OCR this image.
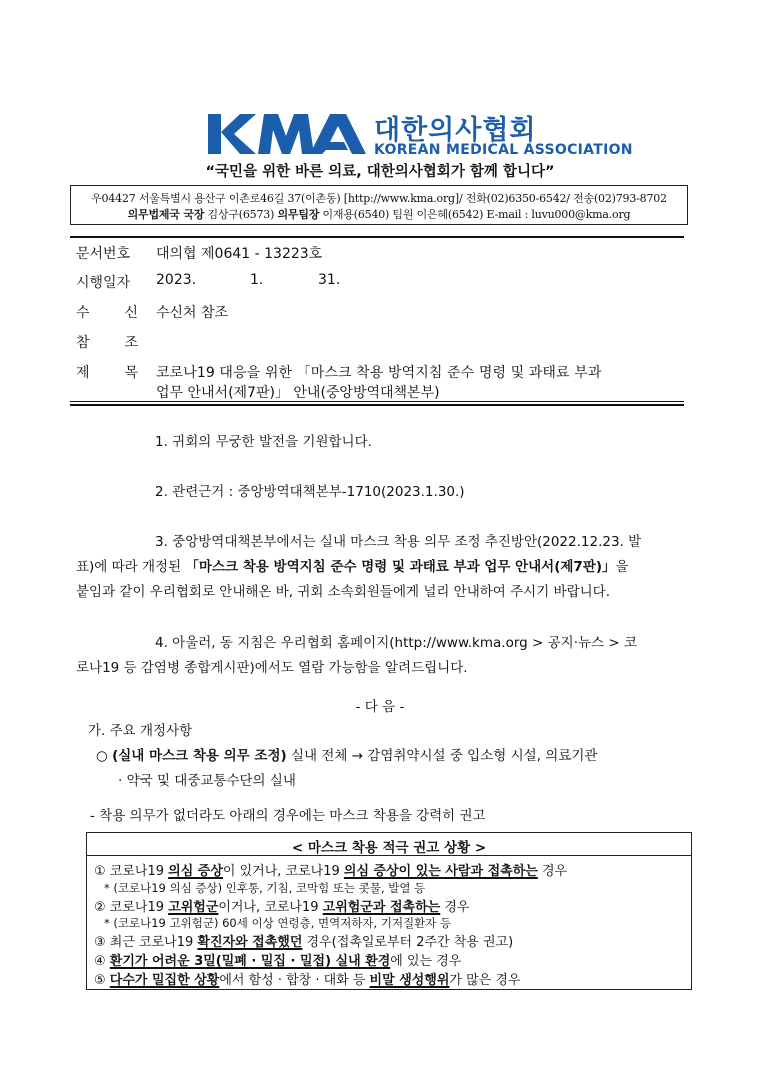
대한의사협회
KOREAN MEDICAL ASSOCIATION
“국민을 위한 바른 의료, 대한의사협회가 함께 합니다”
우04427 서울특별시 용산구 이촌로46길 37(이촌동) [http://www.kma.org]/ 전화(02)6350-6542/ 전송(02)793-8702
의무법제국 국장 김상구(6573) 의무팀장 이재용(6540) 팀원 이은혜(6542) E-mail : luvu000@kma.org
문서번호 대의협 제0641 - 13223호
시행일자 2023.	1.	31.
수 신 수신처 참조
참 조
제 목 코로나19 대응을 위한 「마스크 착용 방역지침 준수 명령 및 과태료 부과
업무 안내서(제7판)」 안내(중앙방역대책본부)
1. 귀회의 무궁한 발전을 기원합니다.
2. 관련근거 : 중앙방역대책본부-1710(2023.1.30.)
3. 중앙방역대책본부에서는 실내 마스크 착용 의무 조정 추진방안(2022.12.23. 발
표)에 따라 개정된 「마스크 착용 방역지침 준수 명령 및 과태료 부과 업무 안내서(제7판)」을
붙임과 같이 우리협회로 안내해온 바, 귀회 소속회원들에게 널리 안내하여 주시기 바랍니다.
4. 아울러, 동 지침은 우리협회 홈페이지(http://www.kma.org > 공지·뉴스 > 코
로나19 등 감염병 종합게시판)에서도 열람 가능함을 알려드립니다.
- 다 음 -
가. 주요 개정사항
○ (실내 마스크 착용 의무 조정) 실내 전체 → 감염취약시설 중 입소형 시설, 의료기관
· 약국 및 대중교통수단의 실내
- 착용 의무가 없더라도 아래의 경우에는 마스크 착용을 강력히 권고
< 마스크 착용 적극 권고 상황 >
① 코로나19 의심 증상이 있거나, 코로나19 의심 증상이 있는 사람과 접촉하는 경우
* (코로나19 의심 증상) 인후통, 기침, 코막힘 또는 콧물, 발열 등
② 코로나19 고위험군이거나, 코로나19 고위험군과 접촉하는 경우
* (코로나19 고위험군) 60세 이상 연령층, 면역저하자, 기저질환자 등
③ 최근 코로나19 확진자와 접촉했던 경우(접촉일로부터 2주간 착용 권고)
④ 환기가 어려운 3밀(밀폐 · 밀집 · 밀접) 실내 환경에 있는 경우
⑤ 다수가 밀집한 상황에서 함성 · 합창 · 대화 등 비말 생성행위가 많은 경우
